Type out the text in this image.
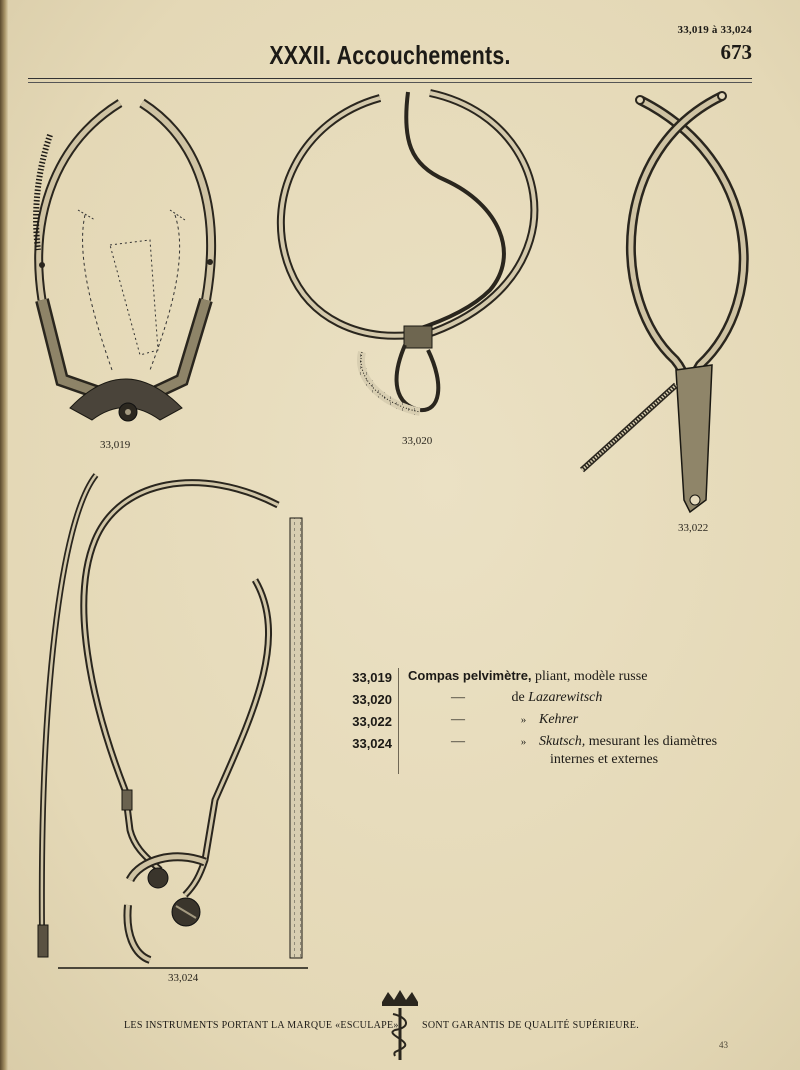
33,019 à 33,024
673
XXXII. Accouchements.
33,019	33,020
33,022
33,024
33,019 Compas pelvimètre, pliant, modèle russe
33,020	—	de Lazarewitsch
33,022	—	» Kehrer
33,024	—	» Skutsch, mesurant les diamètres
internes et externes
LES INSTRUMENTS PORTANT LA MARQUE «ESCULAPE» SONT GARANTIS DE QUALITÉ SUPÉRIEURE.
43
